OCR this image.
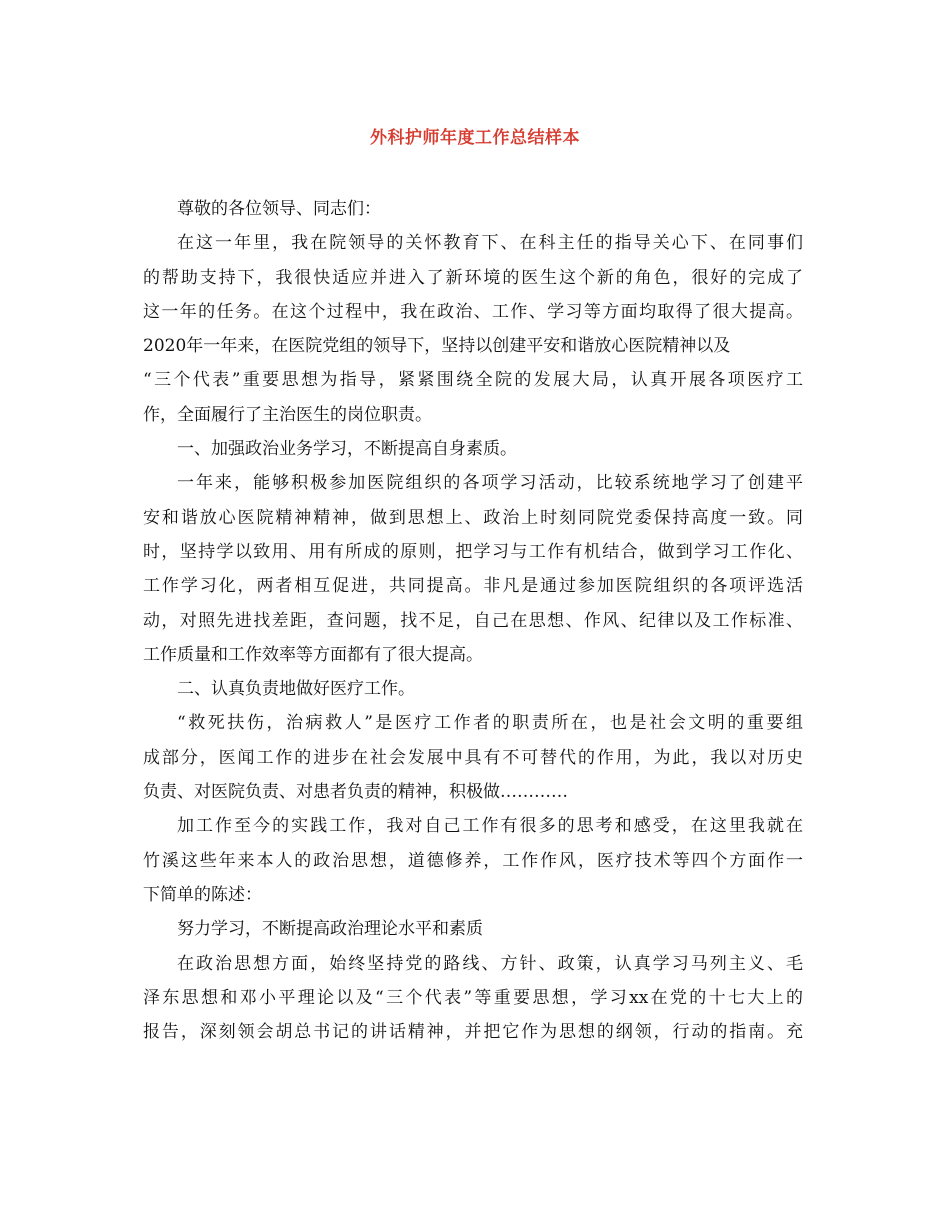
外科护师年度工作总结样本
尊敬的各位领导、同志们：
在这一年里，我在院领导的关怀教育下、在科主任的指导关心下、在同事们
的帮助支持下，我很快适应并进入了新环境的医生这个新的角色，很好的完成了
这一年的任务。在这个过程中，我在政治、工作、学习等方面均取得了很大提高。
2020年一年来，在医院党组的领导下，坚持以创建平安和谐放心医院精神以及
“三个代表”重要思想为指导，紧紧围绕全院的发展大局，认真开展各项医疗工
作，全面履行了主治医生的岗位职责。
一、加强政治业务学习，不断提高自身素质。
一年来，能够积极参加医院组织的各项学习活动，比较系统地学习了创建平
安和谐放心医院精神精神，做到思想上、政治上时刻同院党委保持高度一致。同
时，坚持学以致用、用有所成的原则，把学习与工作有机结合，做到学习工作化、
工作学习化，两者相互促进，共同提高。非凡是通过参加医院组织的各项评选活
动，对照先进找差距，查问题，找不足，自己在思想、作风、纪律以及工作标准、
工作质量和工作效率等方面都有了很大提高。
二、认真负责地做好医疗工作。
“救死扶伤，治病救人”是医疗工作者的职责所在，也是社会文明的重要组
成部分，医闻工作的进步在社会发展中具有不可替代的作用，为此，我以对历史
负责、对医院负责、对患者负责的精神，积极做…………
加工作至今的实践工作，我对自己工作有很多的思考和感受，在这里我就在
竹溪这些年来本人的政治思想，道德修养，工作作风，医疗技术等四个方面作一
下简单的陈述：
努力学习，不断提高政治理论水平和素质
在政治思想方面，始终坚持党的路线、方针、政策，认真学习马列主义、毛
泽东思想和邓小平理论以及“三个代表”等重要思想，学习xx在党的十七大上的
报告，深刻领会胡总书记的讲话精神，并把它作为思想的纲领，行动的指南。充
